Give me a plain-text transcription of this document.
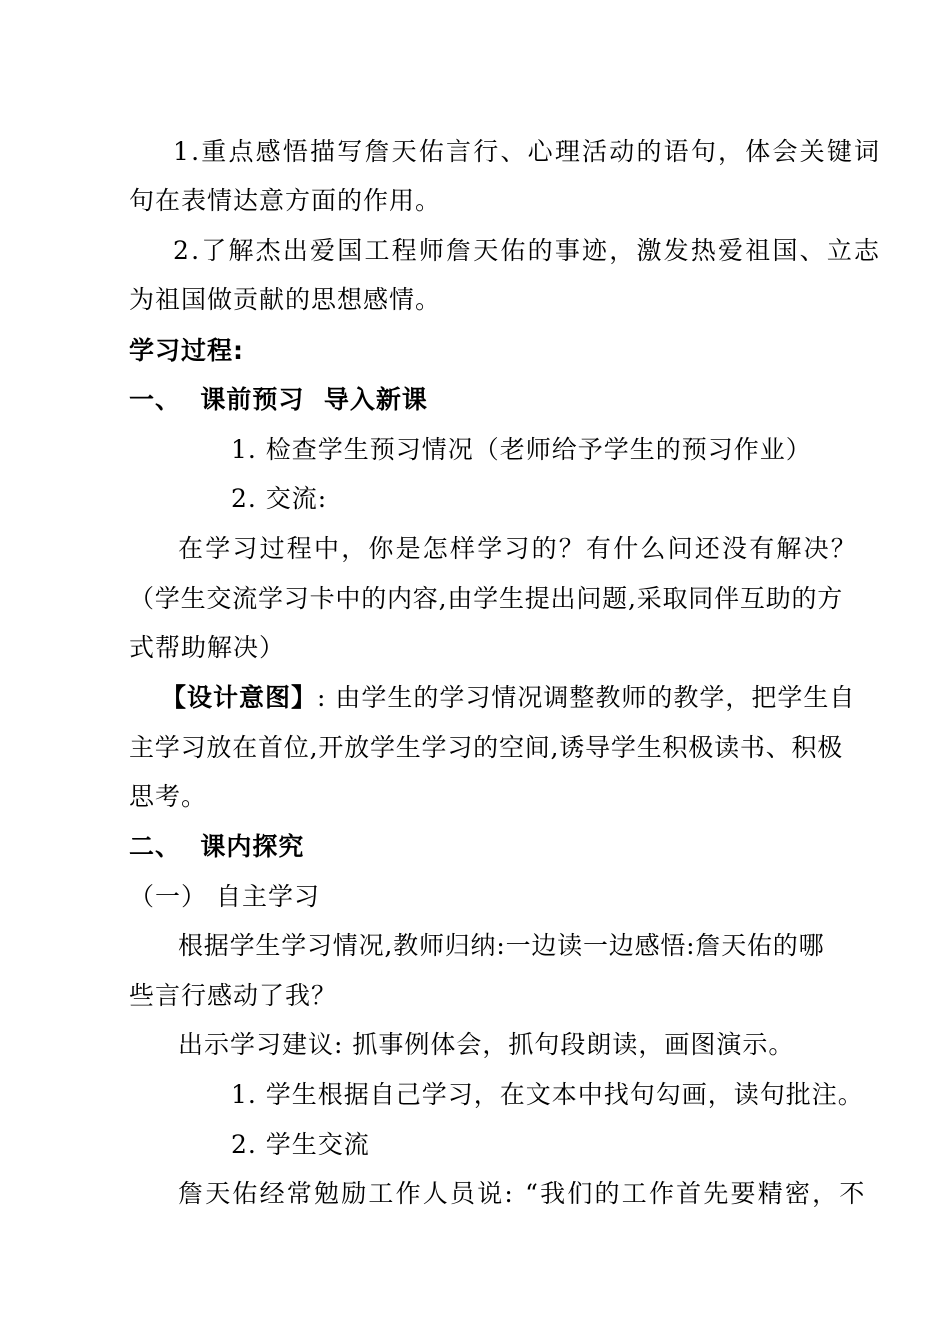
1.重点感悟描写詹天佑言行、心理活动的语句，体会关键词
句在表情达意方面的作用。
2.了解杰出爱国工程师詹天佑的事迹，激发热爱祖国、立志
为祖国做贡献的思想感情。
学习过程:
一、  课前预习  导入新课
1. 检查学生预习情况（老师给予学生的预习作业）
2. 交流:
在学习过程中，你是怎样学习的？有什么问还没有解决？
（学生交流学习卡中的内容,由学生提出问题,采取同伴互助的方
式帮助解决）
【设计意图】: 由学生的学习情况调整教师的教学，把学生自
主学习放在首位,开放学生学习的空间,诱导学生积极读书、积极
思考。
二、  课内探究
（一） 自主学习
根据学生学习情况,教师归纳:一边读一边感悟:詹天佑的哪
些言行感动了我？
出示学习建议: 抓事例体会，抓句段朗读，画图演示。
1. 学生根据自己学习，在文本中找句勾画，读句批注。
2. 学生交流
詹天佑经常勉励工作人员说: “我们的工作首先要精密，不
